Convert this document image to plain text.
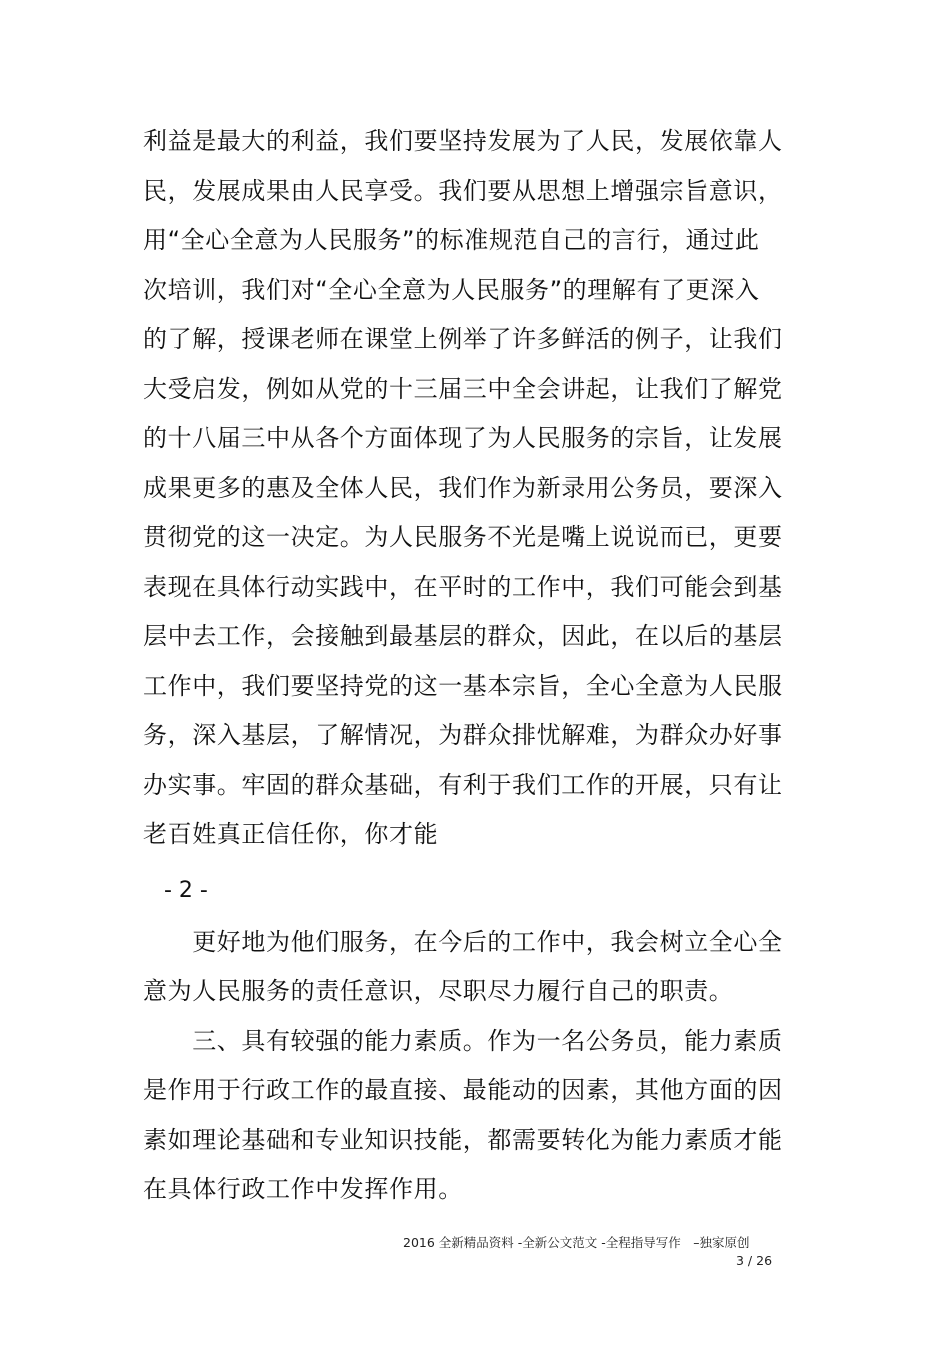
利益是最大的利益，我们要坚持发展为了人民，发展依靠人
民，发展成果由人民享受。我们要从思想上增强宗旨意识，
用“全心全意为人民服务”的标准规范自己的言行，通过此
次培训，我们对“全心全意为人民服务”的理解有了更深入
的了解，授课老师在课堂上例举了许多鲜活的例子，让我们
大受启发，例如从党的十三届三中全会讲起，让我们了解党
的十八届三中从各个方面体现了为人民服务的宗旨，让发展
成果更多的惠及全体人民，我们作为新录用公务员，要深入
贯彻党的这一决定。为人民服务不光是嘴上说说而已，更要
表现在具体行动实践中，在平时的工作中，我们可能会到基
层中去工作，会接触到最基层的群众，因此，在以后的基层
工作中，我们要坚持党的这一基本宗旨，全心全意为人民服
务，深入基层，了解情况，为群众排忧解难，为群众办好事
办实事。牢固的群众基础，有利于我们工作的开展，只有让
老百姓真正信任你，你才能
- 2 -
　　更好地为他们服务，在今后的工作中，我会树立全心全
意为人民服务的责任意识，尽职尽力履行自己的职责。
　　三、具有较强的能力素质。作为一名公务员，能力素质
是作用于行政工作的最直接、最能动的因素，其他方面的因
素如理论基础和专业知识技能，都需要转化为能力素质才能
在具体行政工作中发挥作用。
2016 全新精品资料 -全新公文范文 -全程指导写作　–独家原创
3 / 26
